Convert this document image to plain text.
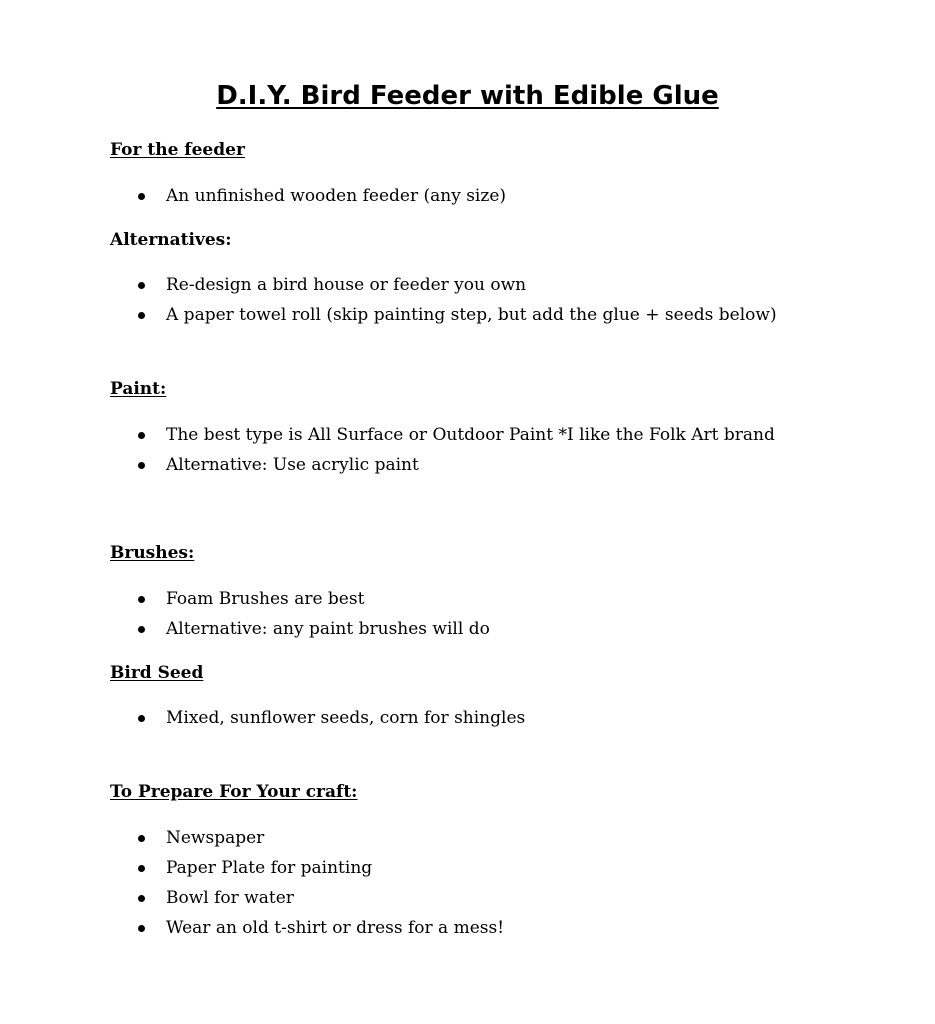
D.I.Y. Bird Feeder with Edible Glue
For the feeder
An unfinished wooden feeder (any size)
Alternatives:
Re-design a bird house or feeder you own
A paper towel roll (skip painting step, but add the glue + seeds below)
Paint:
The best type is All Surface or Outdoor Paint *I like the Folk Art brand
Alternative: Use acrylic paint
Brushes:
Foam Brushes are best
Alternative: any paint brushes will do
Bird Seed
Mixed, sunflower seeds, corn for shingles
To Prepare For Your craft:
Newspaper
Paper Plate for painting
Bowl for water
Wear an old t-shirt or dress for a mess!
